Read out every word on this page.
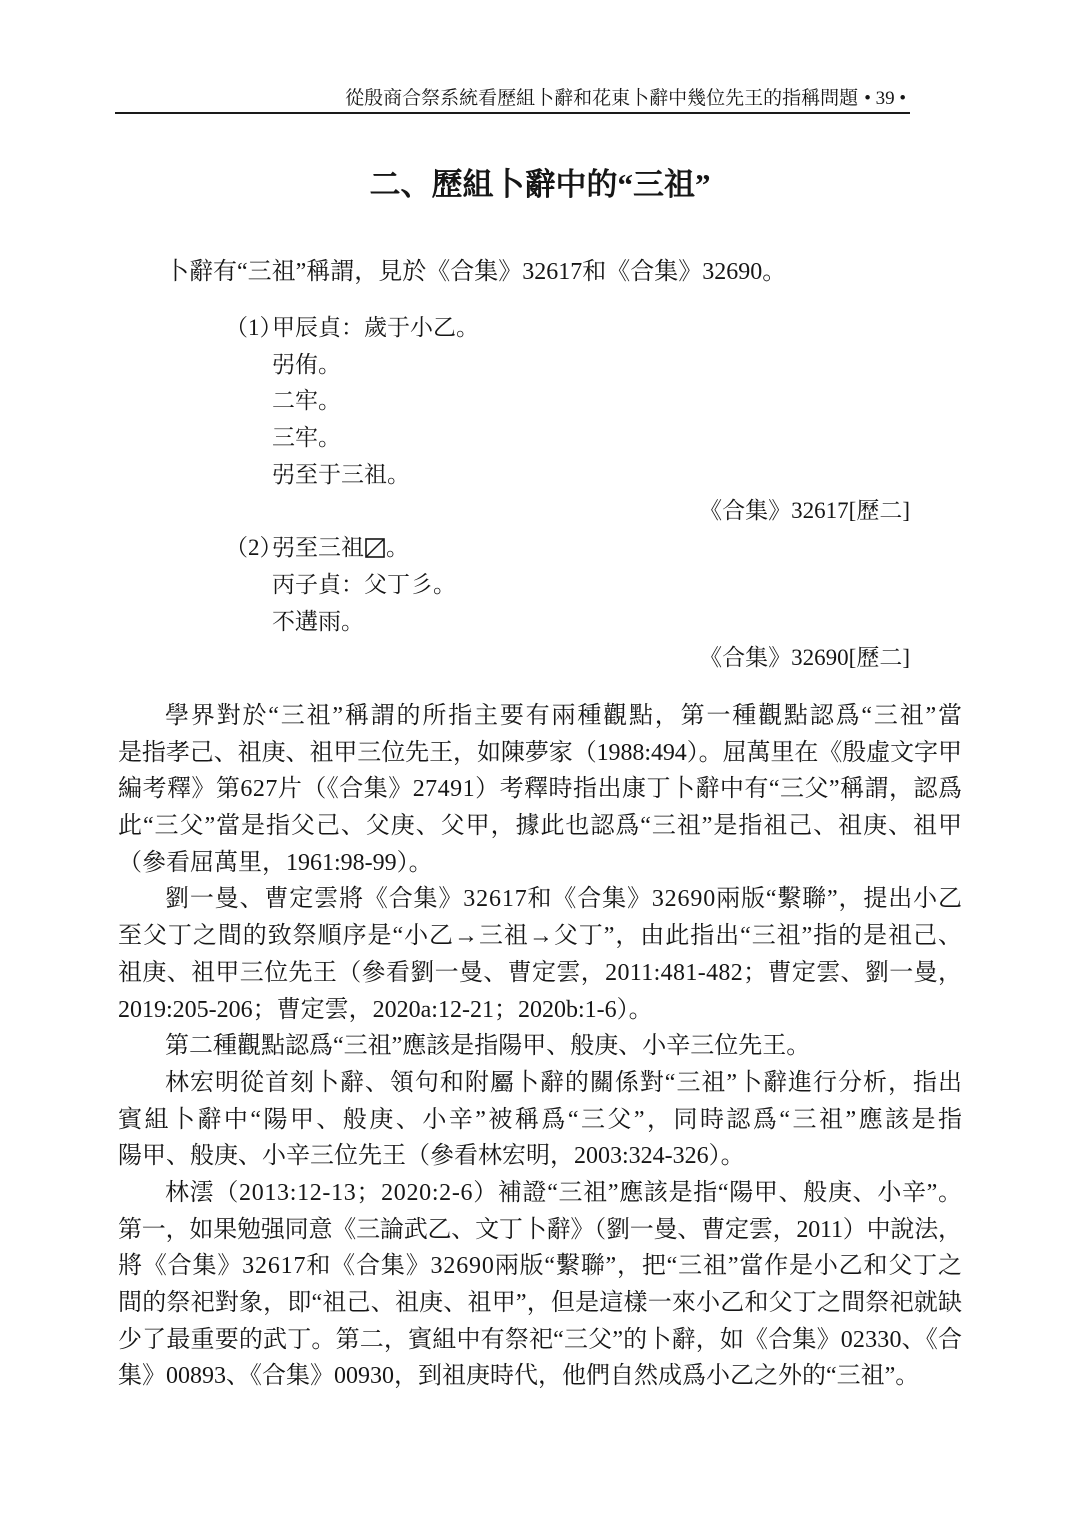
從殷商合祭系統看歷組卜辭和花東卜辭中幾位先王的指稱問題 • 39 •
二、歷組卜辭中的“三祖”
卜辭有“三祖”稱謂，見於《合集》32617和《合集》32690。
（1）
甲辰貞：歲于小乙。
弜侑。
二牢。
三牢。
弜至于三祖。
《合集》32617[歷二]
（2）
弜至三祖 。
丙子貞：父丁彡。
不遘雨。
《合集》32690[歷二]
學界對於“三祖”稱謂的所指主要有兩種觀點，第一種觀點認爲“三祖”當
是指孝己、祖庚、祖甲三位先王，如陳夢家（1988:494）。屈萬里在《殷虛文字甲
編考釋》第627片（《合集》27491）考釋時指出康丁卜辭中有“三父”稱謂，認爲
此“三父”當是指父己、父庚、父甲，據此也認爲“三祖”是指祖己、祖庚、祖甲
（參看屈萬里，1961:98-99）。
劉一曼、曹定雲將《合集》32617和《合集》32690兩版“繫聯”，提出小乙
至父丁之間的致祭順序是“小乙→三祖→父丁”，由此指出“三祖”指的是祖己、
祖庚、祖甲三位先王（參看劉一曼、曹定雲，2011:481-482；曹定雲、劉一曼，
2019:205-206；曹定雲，2020a:12-21；2020b:1-6）。
第二種觀點認爲“三祖”應該是指陽甲、般庚、小辛三位先王。
林宏明從首刻卜辭、領句和附屬卜辭的關係對“三祖”卜辭進行分析，指出
賓組卜辭中“陽甲、般庚、小辛”被稱爲“三父”，同時認爲“三祖”應該是指
陽甲、般庚、小辛三位先王（參看林宏明，2003:324-326）。
林澐（2013:12-13；2020:2-6）補證“三祖”應該是指“陽甲、般庚、小辛”。
第一，如果勉强同意《三論武乙、文丁卜辭》（劉一曼、曹定雲，2011）中說法，
將《合集》32617和《合集》32690兩版“繫聯”，把“三祖”當作是小乙和父丁之
間的祭祀對象，即“祖己、祖庚、祖甲”，但是這樣一來小乙和父丁之間祭祀就缺
少了最重要的武丁。第二，賓組中有祭祀“三父”的卜辭，如《合集》02330、《合
集》00893、《合集》00930，到祖庚時代，他們自然成爲小乙之外的“三祖”。
